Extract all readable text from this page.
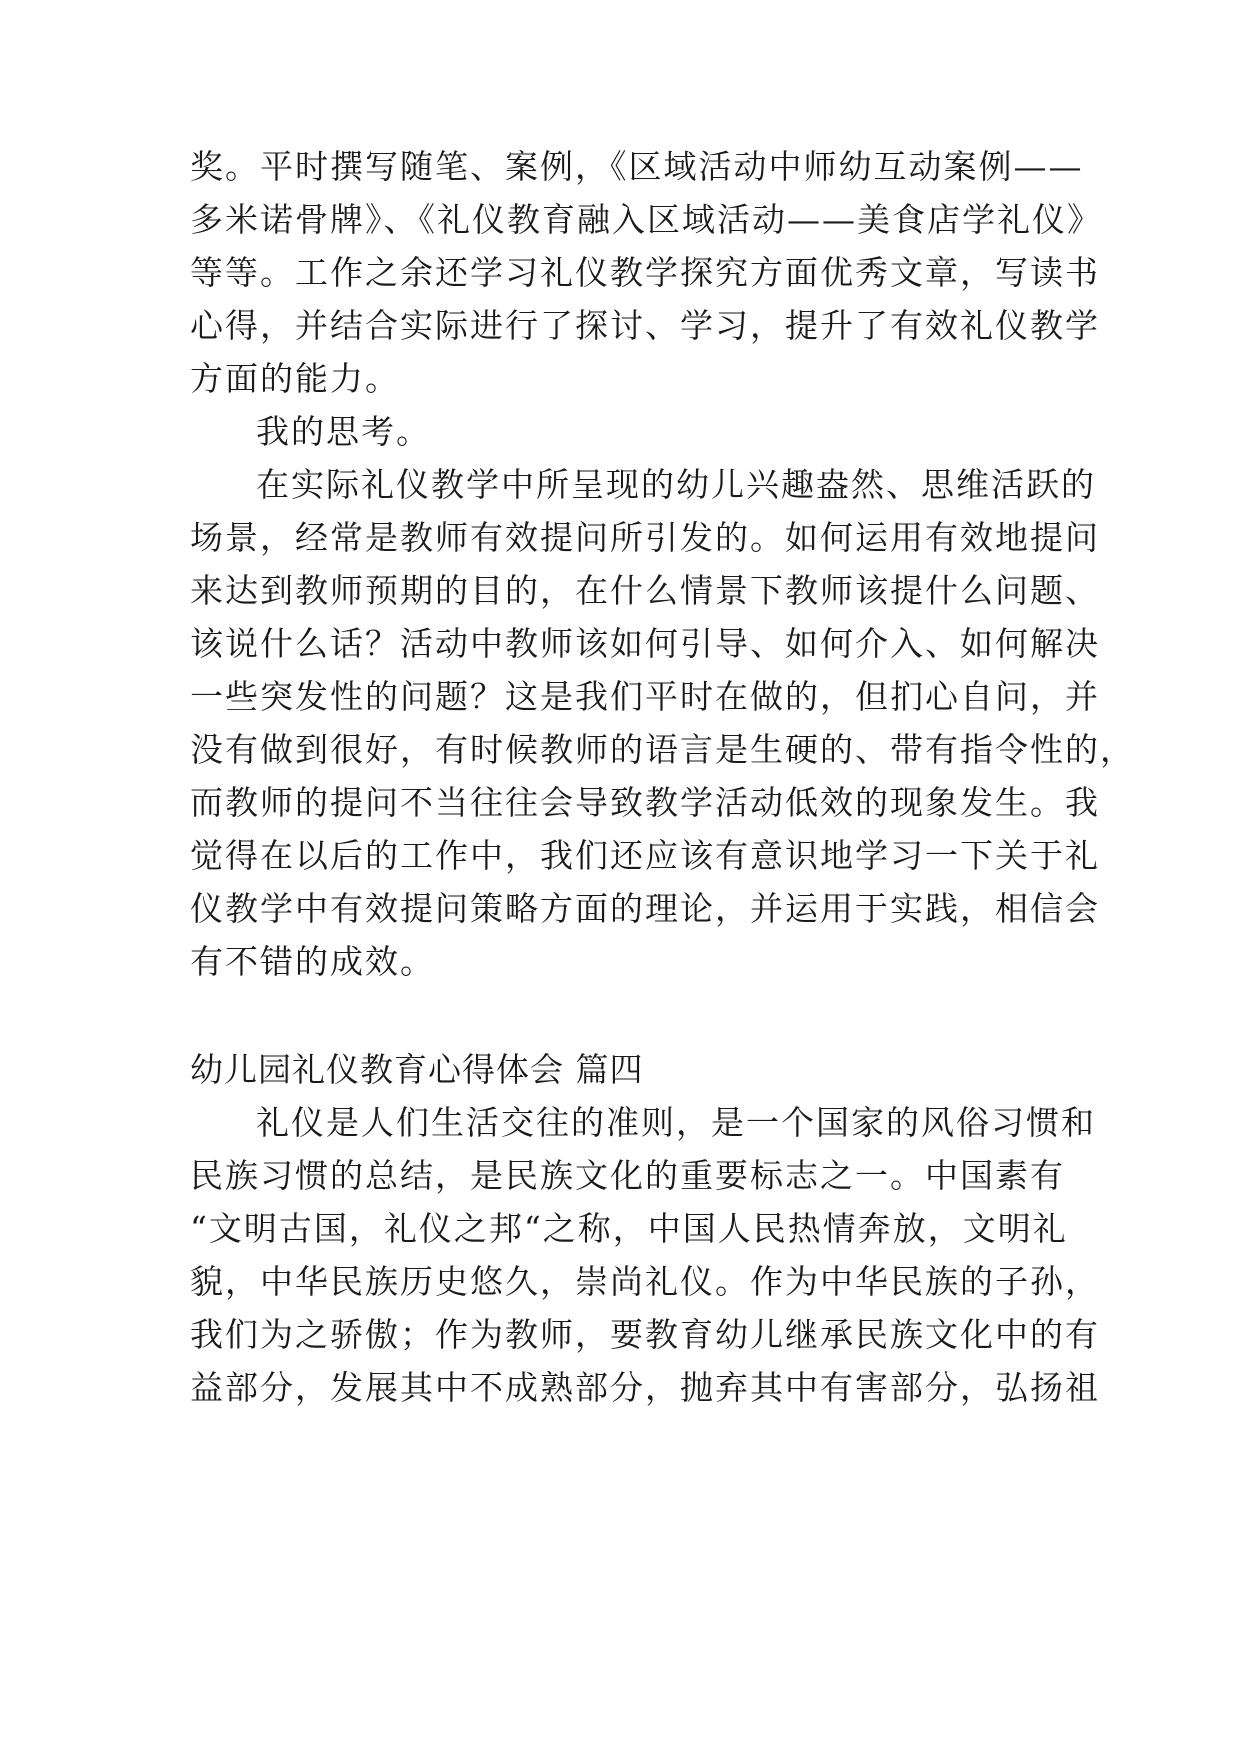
奖。平时撰写随笔、案例，《区域活动中师幼互动案例——
多米诺骨牌》、《礼仪教育融入区域活动——美食店学礼仪》
等等。工作之余还学习礼仪教学探究方面优秀文章，写读书
心得，并结合实际进行了探讨、学习，提升了有效礼仪教学
方面的能力。
我的思考。
在实际礼仪教学中所呈现的幼儿兴趣盎然、思维活跃的
场景，经常是教师有效提问所引发的。如何运用有效地提问
来达到教师预期的目的，在什么情景下教师该提什么问题、
该说什么话？活动中教师该如何引导、如何介入、如何解决
一些突发性的问题？这是我们平时在做的，但扪心自问，并
没有做到很好，有时候教师的语言是生硬的、带有指令性的，
而教师的提问不当往往会导致教学活动低效的现象发生。我
觉得在以后的工作中，我们还应该有意识地学习一下关于礼
仪教学中有效提问策略方面的理论，并运用于实践，相信会
有不错的成效。
幼儿园礼仪教育心得体会 篇四
礼仪是人们生活交往的准则，是一个国家的风俗习惯和
民族习惯的总结，是民族文化的重要标志之一。中国素有
“文明古国，礼仪之邦“之称，中国人民热情奔放，文明礼
貌，中华民族历史悠久，崇尚礼仪。作为中华民族的子孙，
我们为之骄傲；作为教师，要教育幼儿继承民族文化中的有
益部分，发展其中不成熟部分，抛弃其中有害部分，弘扬祖
